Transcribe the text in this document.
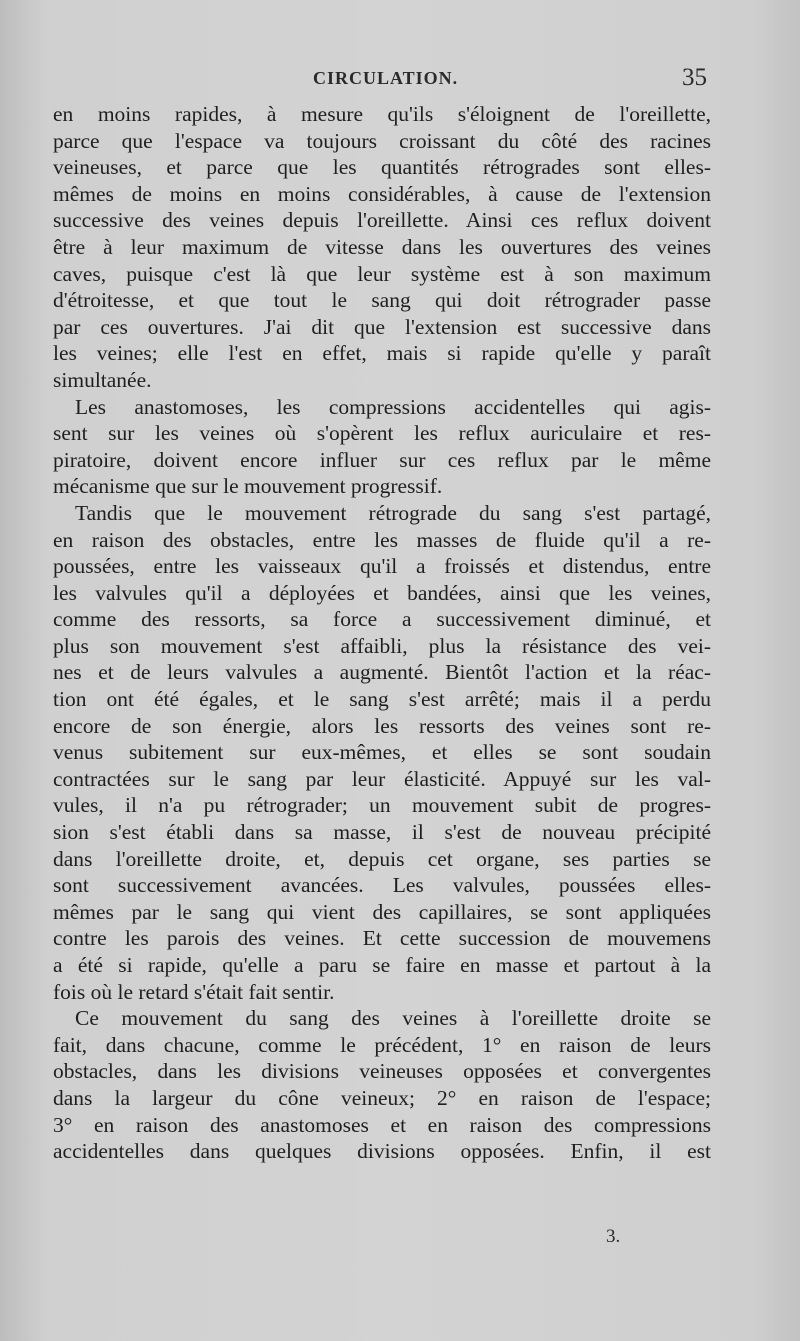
CIRCULATION.	35
en moins rapides, à mesure qu'ils s'éloignent de l'oreillette,
parce que l'espace va toujours croissant du côté des racines
veineuses, et parce que les quantités rétrogrades sont elles-
mêmes de moins en moins considérables, à cause de l'extension
successive des veines depuis l'oreillette. Ainsi ces reflux doivent
être à leur maximum de vitesse dans les ouvertures des veines
caves, puisque c'est là que leur système est à son maximum
d'étroitesse, et que tout le sang qui doit rétrograder passe
par ces ouvertures. J'ai dit que l'extension est successive dans
les veines; elle l'est en effet, mais si rapide qu'elle y paraît
simultanée.
Les anastomoses, les compressions accidentelles qui agis-
sent sur les veines où s'opèrent les reflux auriculaire et res-
piratoire, doivent encore influer sur ces reflux par le même
mécanisme que sur le mouvement progressif.
Tandis que le mouvement rétrograde du sang s'est partagé,
en raison des obstacles, entre les masses de fluide qu'il a re-
poussées, entre les vaisseaux qu'il a froissés et distendus, entre
les valvules qu'il a déployées et bandées, ainsi que les veines,
comme des ressorts, sa force a successivement diminué, et
plus son mouvement s'est affaibli, plus la résistance des vei-
nes et de leurs valvules a augmenté. Bientôt l'action et la réac-
tion ont été égales, et le sang s'est arrêté; mais il a perdu
encore de son énergie, alors les ressorts des veines sont re-
venus subitement sur eux-mêmes, et elles se sont soudain
contractées sur le sang par leur élasticité. Appuyé sur les val-
vules, il n'a pu rétrograder; un mouvement subit de progres-
sion s'est établi dans sa masse, il s'est de nouveau précipité
dans l'oreillette droite, et, depuis cet organe, ses parties se
sont successivement avancées. Les valvules, poussées elles-
mêmes par le sang qui vient des capillaires, se sont appliquées
contre les parois des veines. Et cette succession de mouvemens
a été si rapide, qu'elle a paru se faire en masse et partout à la
fois où le retard s'était fait sentir.
Ce mouvement du sang des veines à l'oreillette droite se
fait, dans chacune, comme le précédent, 1° en raison de leurs
obstacles, dans les divisions veineuses opposées et convergentes
dans la largeur du cône veineux; 2° en raison de l'espace;
3° en raison des anastomoses et en raison des compressions
accidentelles dans quelques divisions opposées. Enfin, il est
3.
